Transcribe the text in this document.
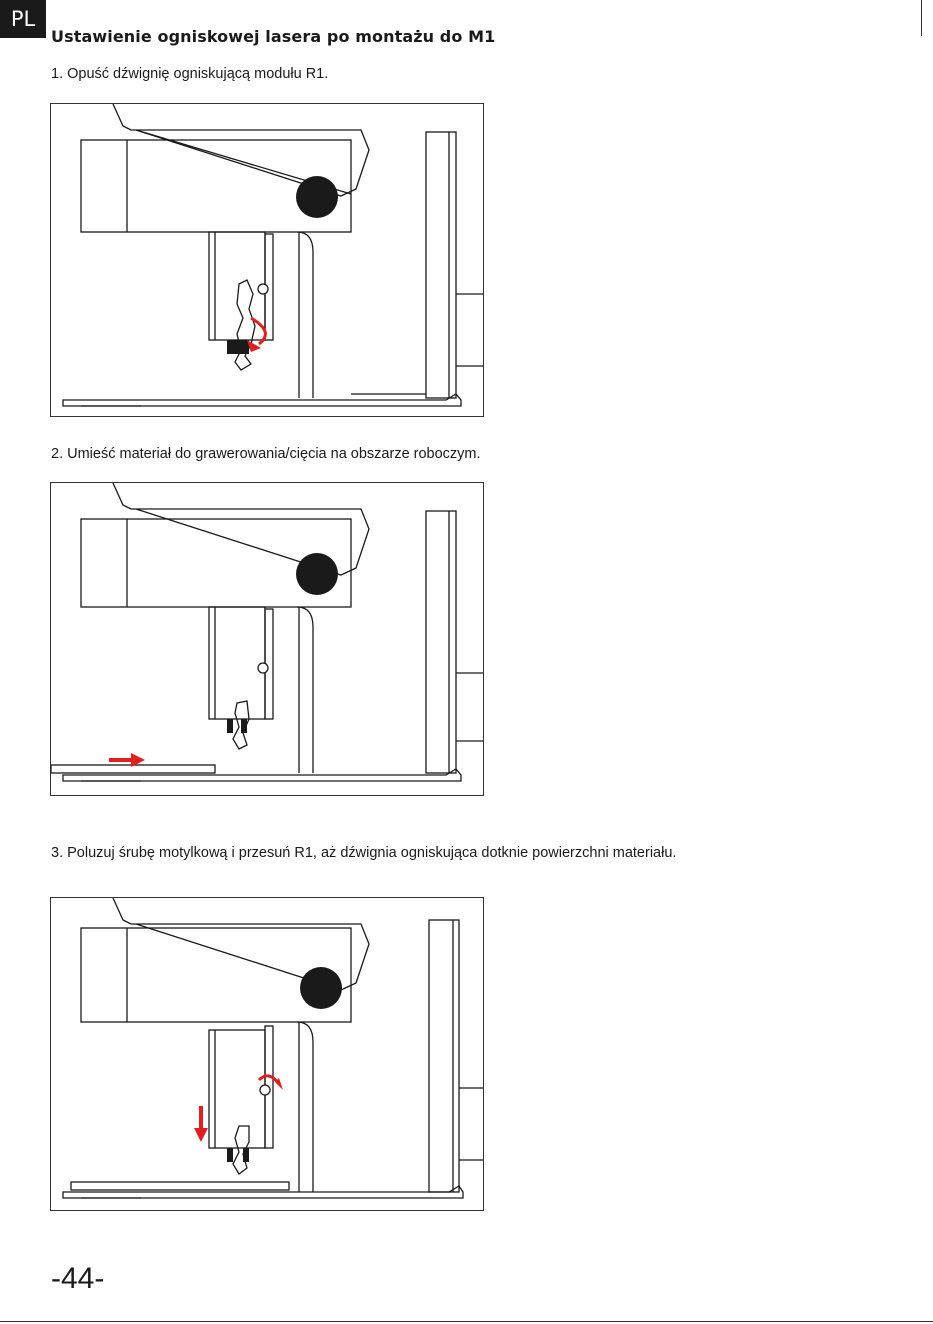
PL
Ustawienie ogniskowej lasera po montażu do M1

1. Opuść dźwignię ogniskującą modułu R1.

2. Umieść materiał do grawerowania/cięcia na obszarze roboczym.

3. Poluzuj śrubę motylkową i przesuń R1, aż dźwignia ogniskująca dotknie powierzchni materiału.

-44-
